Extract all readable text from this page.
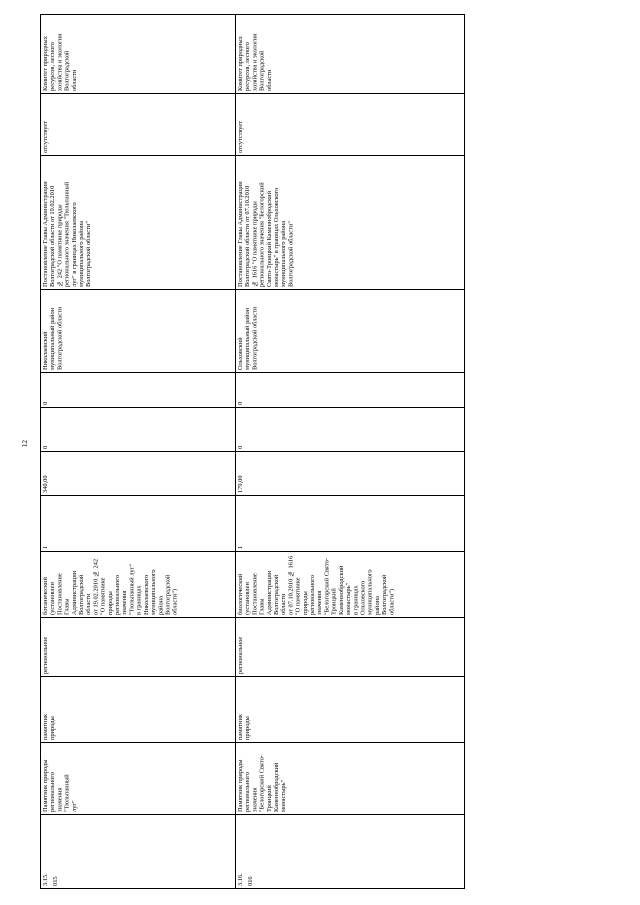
12
3.15. 015
Памятник природы
регионального
значения
"Тюльпанный
луг"
памятник
природы
региональное
ботанический
(установлен
Постановление
Главы
Администрации
Волгоградской
области
от 19.02.2010 № 242
"О памятнике
природы
регионального
значения
"Тюльпанный луг"
в границах
Николаевского
муниципального
района
Волгоградской
области")
1
340,00
0
0
Николаевский
муниципальный район
Волгоградской области
Постановление Главы Администрации
Волгоградской области от 19.02.2010
№ 242 "О памятнике природы
регионального значения "Тюльпанный
луг" в границах Николаевского
муниципального района
Волгоградской области"
отсутствует
Комитет природных
ресурсов, лесного
хозяйства и экологии
Волгоградской
области
3.16. 016
Памятник природы
регионального
значения
"Белогорский Свято-
Троицкий
Каменнобродский
монастырь"
памятник
природы
региональное
биологический
(установлен
Постановление
Главы
Администрации
Волгоградской
области
от 07.10.2010 № 1616
"О памятнике
природы
регионального
значения
"Белогорский Свято-
Троицкий
Каменнобродский
монастырь"
в границах
Ольховского
муниципального
района
Волгоградской
области")
1
179,00
0
0
Ольховский
муниципальный район
Волгоградской области
Постановление Главы Администрации
Волгоградской области от 07.10.2010
№ 1616 "О памятнике природы
регионального значения "Белогорский
Свято-Троицкий Каменнобродский
монастырь" в границах Ольховского
муниципального района
Волгоградской области"
отсутствует
Комитет природных
ресурсов, лесного
хозяйства и экологии
Волгоградской
области
